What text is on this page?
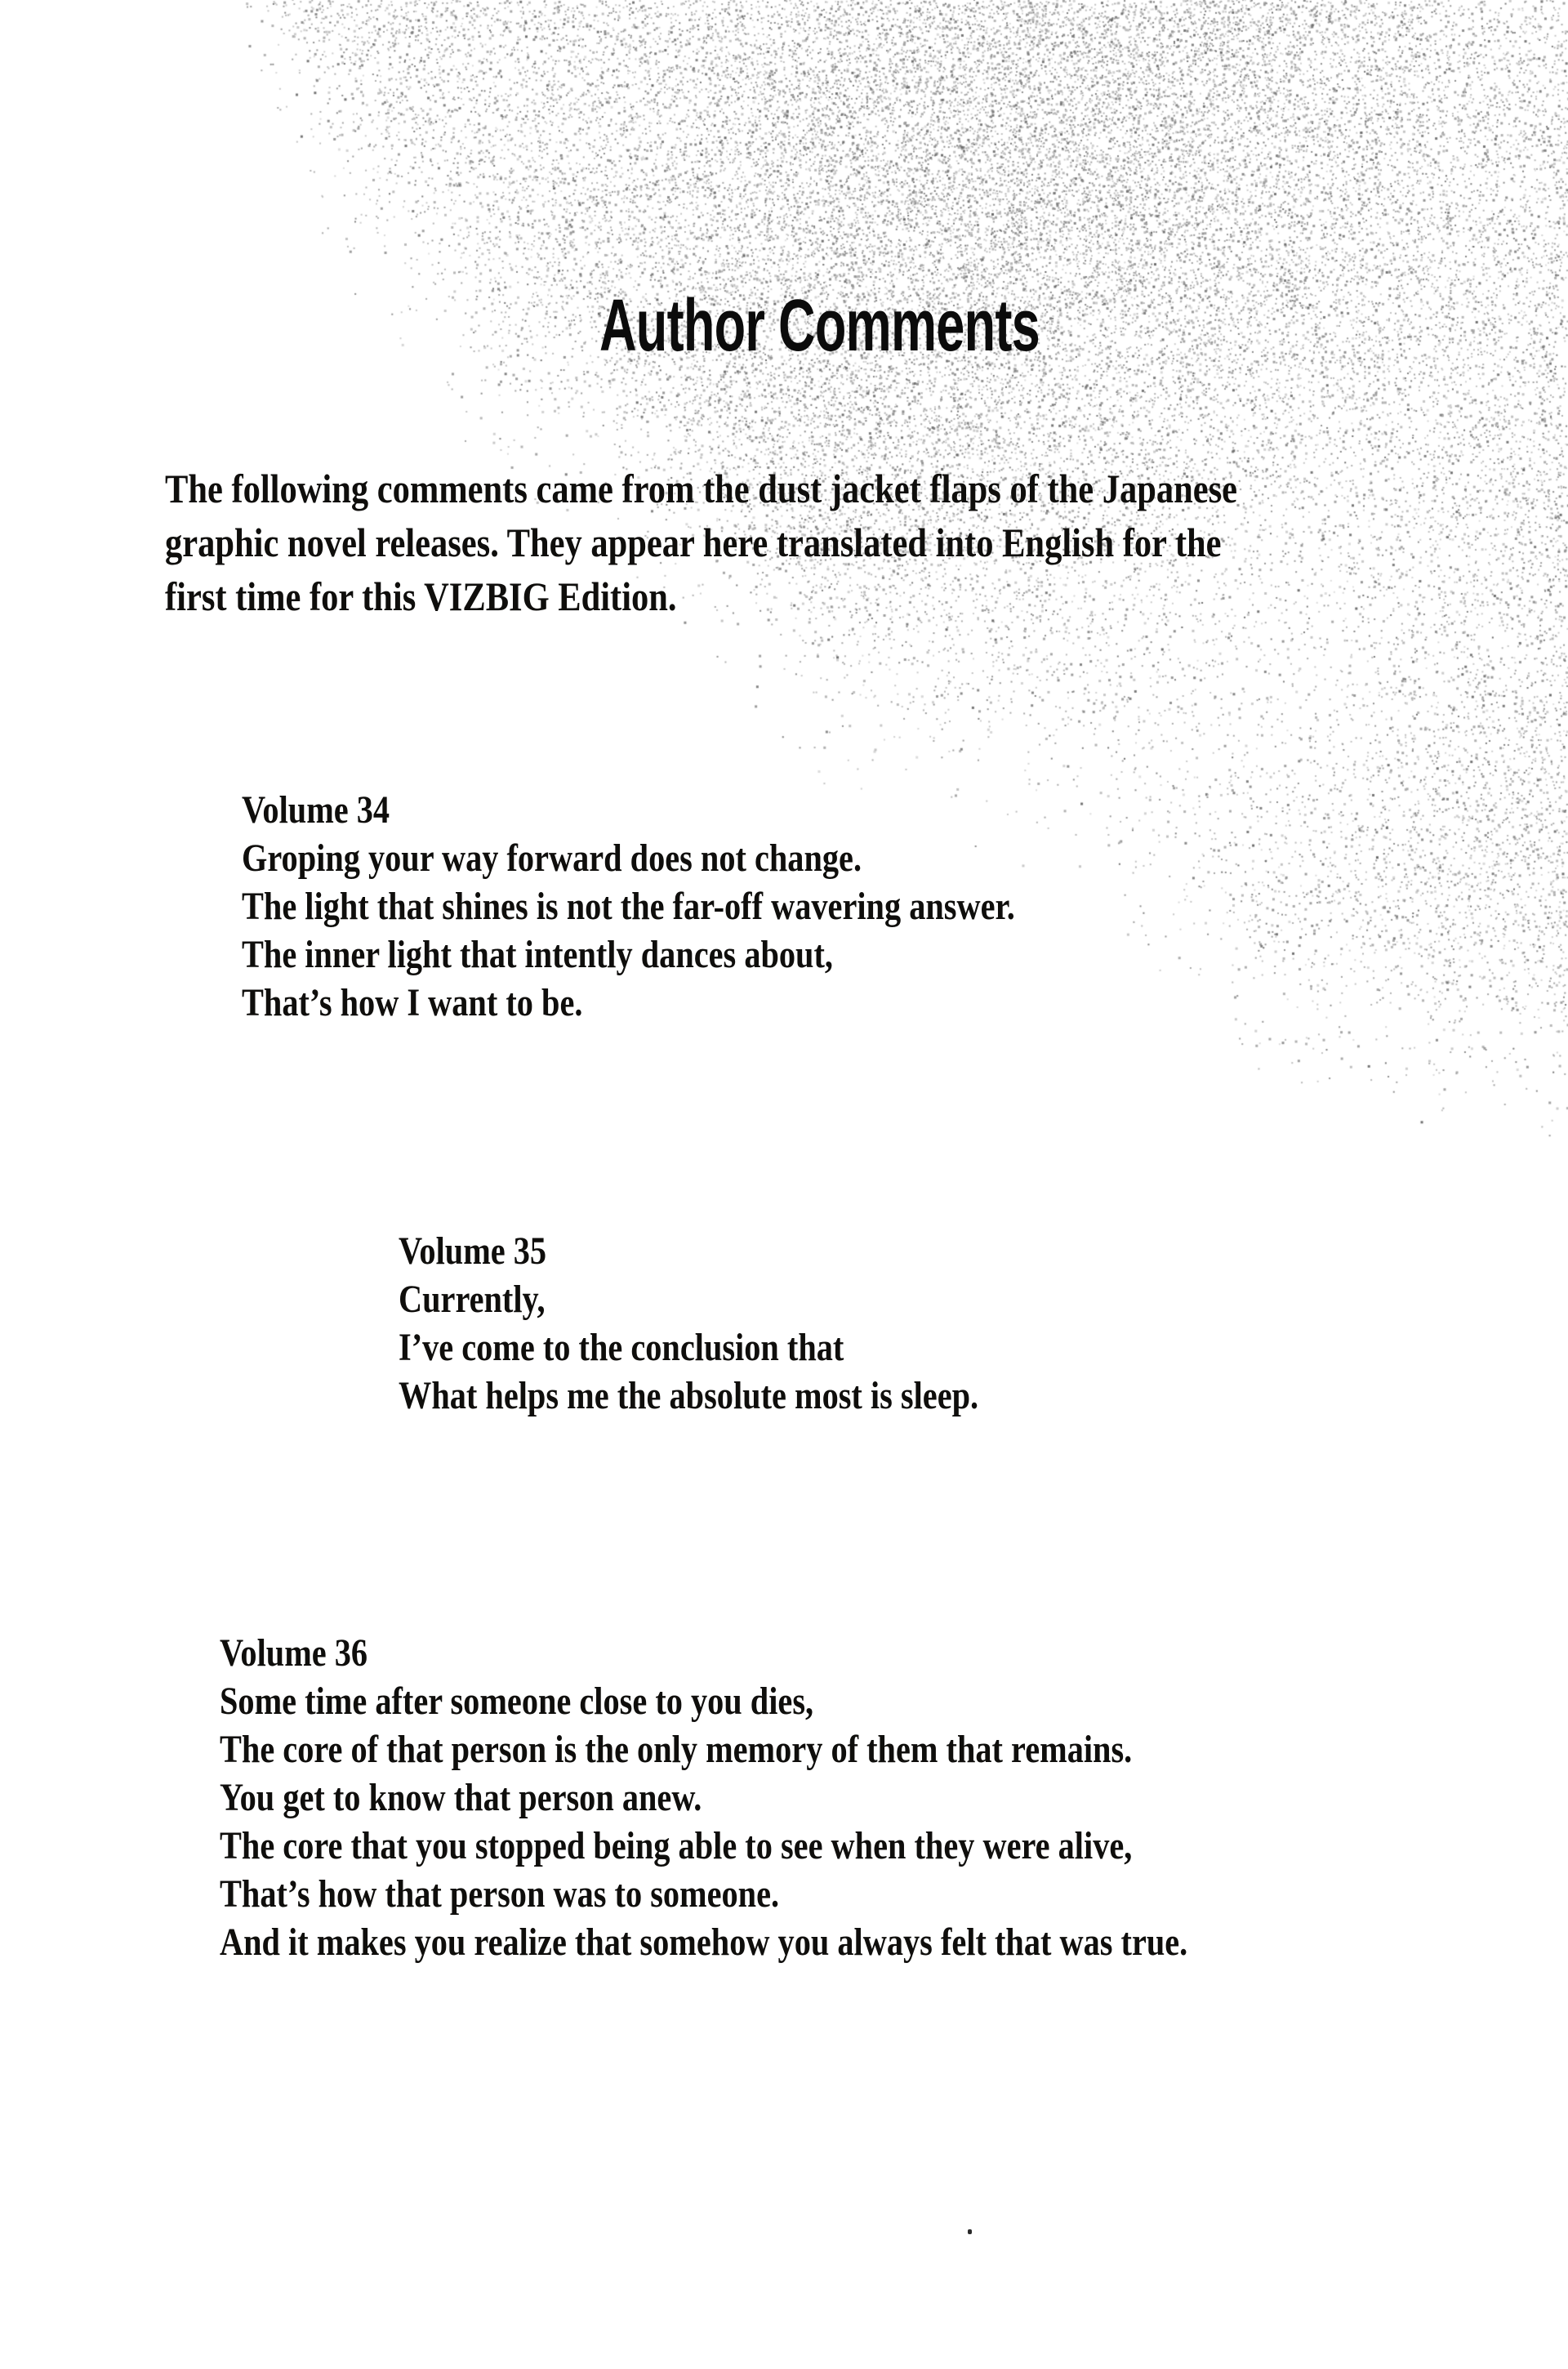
Author Comments
The following comments came from the dust jacket flaps of the Japanese
graphic novel releases. They appear here translated into English for the
first time for this VIZBIG Edition.
Volume 34
Groping your way forward does not change.
The light that shines is not the far-off wavering answer.
The inner light that intently dances about,
That’s how I want to be.
Volume 35
Currently,
I’ve come to the conclusion that
What helps me the absolute most is sleep.
Volume 36
Some time after someone close to you dies,
The core of that person is the only memory of them that remains.
You get to know that person anew.
The core that you stopped being able to see when they were alive,
That’s how that person was to someone.
And it makes you realize that somehow you always felt that was true.
